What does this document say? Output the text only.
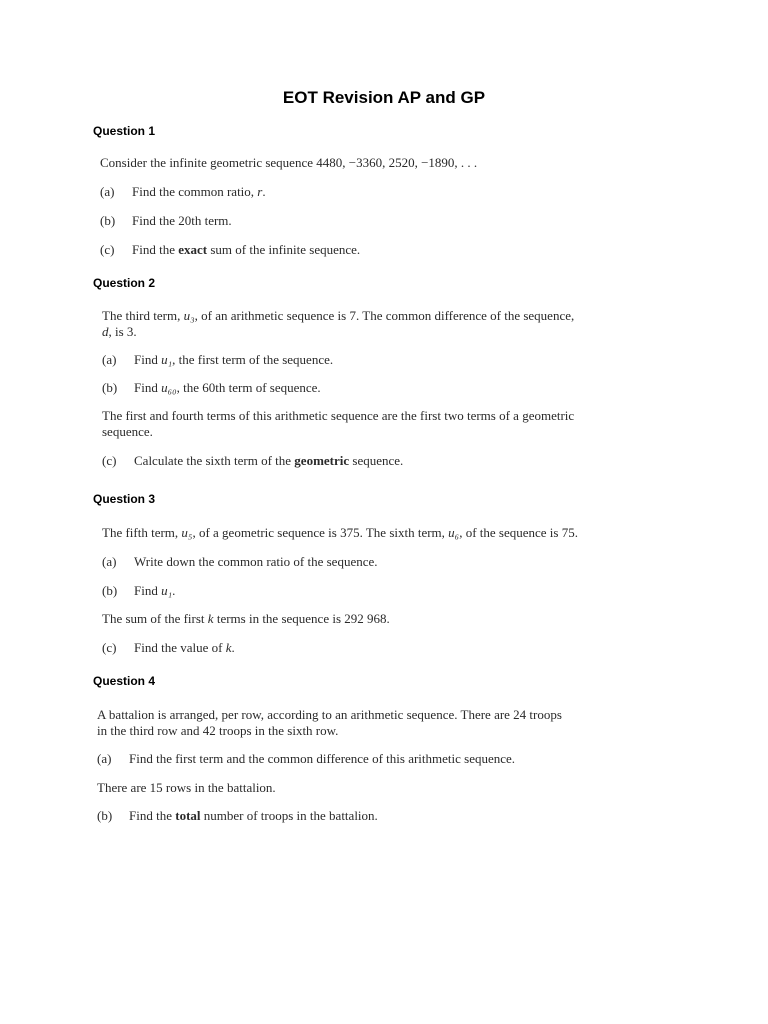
EOT Revision AP and GP
Question 1
Consider the infinite geometric sequence 4480, −3360, 2520, −1890, . . .
(a) Find the common ratio, r.
(b) Find the 20th term.
(c) Find the exact sum of the infinite sequence.
Question 2
The third term, u₃, of an arithmetic sequence is 7. The common difference of the sequence,
d, is 3.
(a) Find u₁, the first term of the sequence.
(b) Find u₆₀, the 60th term of sequence.
The first and fourth terms of this arithmetic sequence are the first two terms of a geometric
sequence.
(c) Calculate the sixth term of the geometric sequence.
Question 3
The fifth term, u₅, of a geometric sequence is 375. The sixth term, u₆, of the sequence is 75.
(a) Write down the common ratio of the sequence.
(b) Find u₁.
The sum of the first k terms in the sequence is 292 968.
(c) Find the value of k.
Question 4
A battalion is arranged, per row, according to an arithmetic sequence. There are 24 troops
in the third row and 42 troops in the sixth row.
(a) Find the first term and the common difference of this arithmetic sequence.
There are 15 rows in the battalion.
(b) Find the total number of troops in the battalion.
